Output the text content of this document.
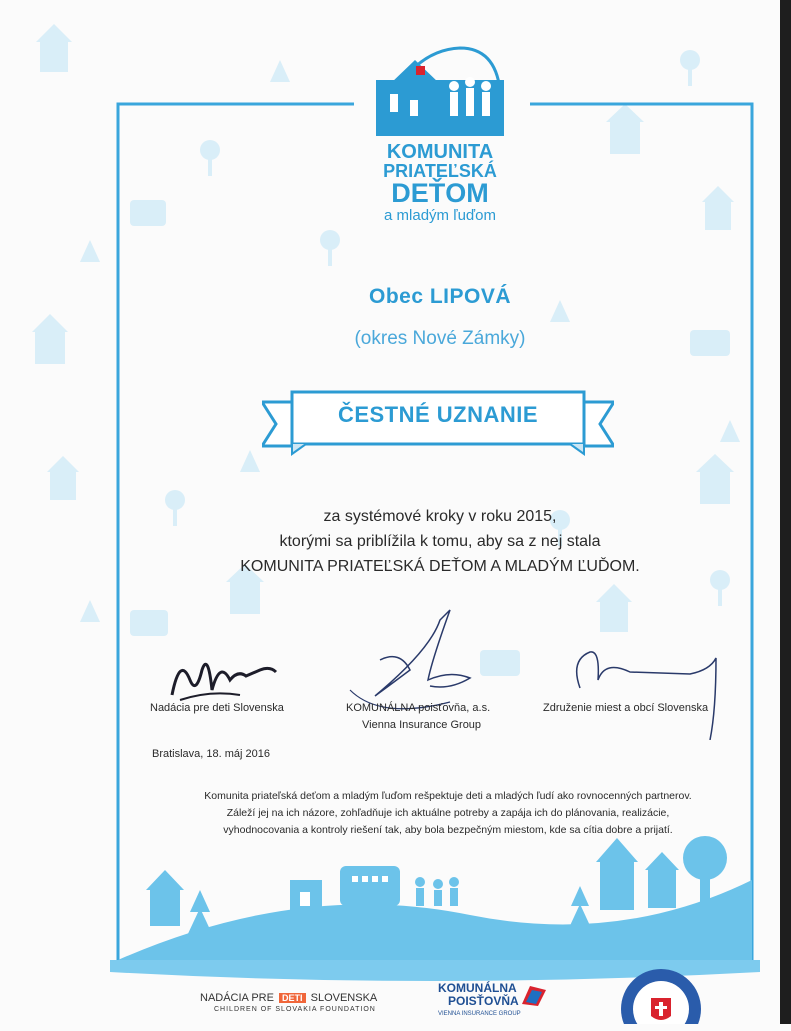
KOMUNITA
PRIATEĽSKÁ
DEŤOM
a mladým ľuďom
Obec LIPOVÁ
(okres Nové Zámky)
ČESTNÉ UZNANIE
za systémové kroky v roku 2015,
ktorými sa priblížila k tomu, aby sa z nej stala
KOMUNITA PRIATEĽSKÁ DEŤOM A MLADÝM ĽUĎOM.
Nadácia pre deti Slovenska	KOMUNÁLNA poisťovňa, a.s.
Vienna Insurance Group
Združenie miest a obcí Slovenska
Bratislava, 18. máj 2016
Komunita priateľská deťom a mladým ľuďom rešpektuje deti a mladých ľudí ako rovnocenných partnerov.
Záleží jej na ich názore, zohľadňuje ich aktuálne potreby a zapája ich do plánovania, realizácie,
vyhodnocovania a kontroly riešení tak, aby bola bezpečným miestom, kde sa cítia dobre a prijatí.
NADÁCIA PRE DETI SLOVENSKA
CHILDREN OF SLOVAKIA FOUNDATION
KOMUNÁLNA
POISŤOVŇA
VIENNA INSURANCE GROUP
